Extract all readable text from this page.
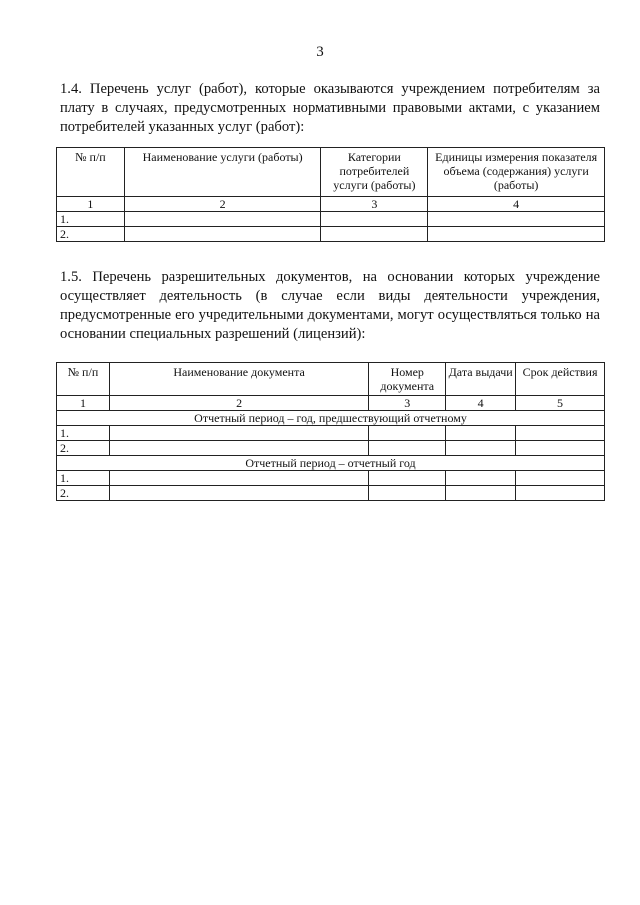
3

1.4. Перечень услуг (работ), которые оказываются учреждением потребителям за плату в случаях, предусмотренных нормативными правовыми актами, с указанием потребителей указанных услуг (работ):

№ п/п	Наименование услуги (работы)	Категории потребителей услуги (работы)	Единицы измерения показателя объема (содержания) услуги (работы)
1	2	3	4
1.			
2.			

1.5. Перечень разрешительных документов, на основании которых учреждение осуществляет деятельность (в случае если виды деятельности учреждения, предусмотренные его учредительными документами, могут осуществляться только на основании специальных разрешений (лицензий):

№ п/п	Наименование документа	Номер документа	Дата выдачи	Срок действия
1	2	3	4	5
Отчетный период – год, предшествующий отчетному				
1.				
2.				
Отчетный период – отчетный год				
1.				
2.				
